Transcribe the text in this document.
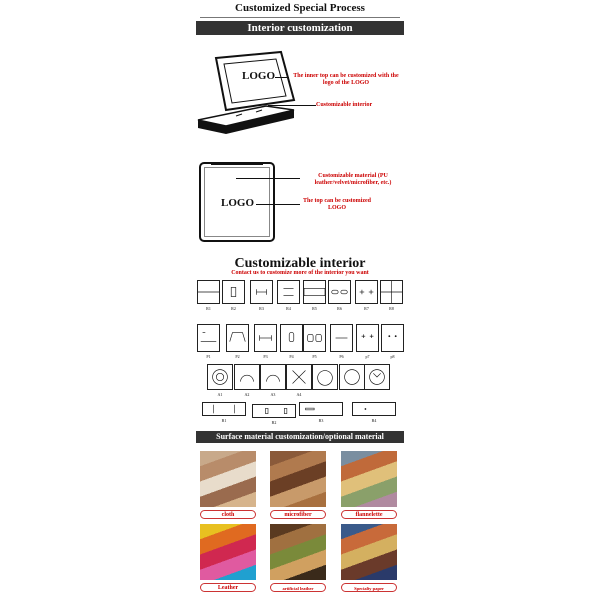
Customized Special Process
Interior customization
LOGO	The inner top can be customized with the logo of the LOGO
Customizable interior
LOGO
Customizable material (PU leather/velvet/microfiber, etc.)
The top can be customized LOGO
Customizable interior
Contact us to customize more of the interior you want
R1	R2	R3	R4	R5	R6	R7	R8
P1	P2	P3	P4	P5	P6	p7	p8
A1	A2	A3	A4
B1	B2	B3	B4
Surface material customization/optional material
cloth	microfiber	flannelette
Leather	artificial leather	Specialty paper
